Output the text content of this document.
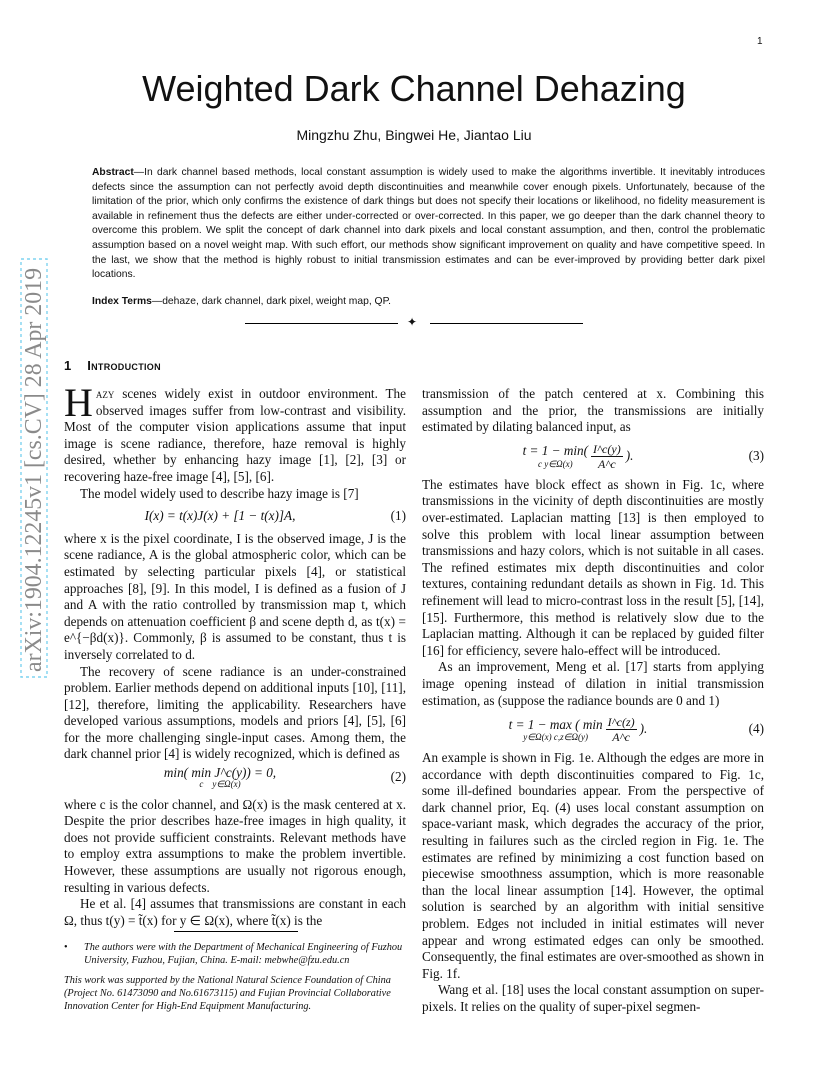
1
arXiv:1904.12245v1 [cs.CV] 28 Apr 2019
Weighted Dark Channel Dehazing
Mingzhu Zhu, Bingwei He, Jiantao Liu
Abstract—In dark channel based methods, local constant assumption is widely used to make the algorithms invertible. It inevitably introduces defects since the assumption can not perfectly avoid depth discontinuities and meanwhile cover enough pixels. Unfortunately, because of the limitation of the prior, which only confirms the existence of dark things but does not specify their locations or likelihood, no fidelity measurement is available in refinement thus the defects are either under-corrected or over-corrected. In this paper, we go deeper than the dark channel theory to overcome this problem. We split the concept of dark channel into dark pixels and local constant assumption, and then, control the problematic assumption based on a novel weight map. With such effort, our methods show significant improvement on quality and have competitive speed. In the last, we show that the method is highly robust to initial transmission estimates and can be ever-improved by providing better dark pixel locations.
Index Terms—dehaze, dark channel, dark pixel, weight map, QP.
✦
1 Introduction
Hazy scenes widely exist in outdoor environment. The observed images suffer from low-contrast and visibility. Most of the computer vision applications assume that input image is scene radiance, therefore, haze removal is highly desired, whether by enhancing hazy image [1], [2], [3] or recovering haze-free image [4], [5], [6].
The model widely used to describe hazy image is [7]
I(x) = t(x)J(x) + [1 − t(x)]A,	(1)
where x is the pixel coordinate, I is the observed image, J is the scene radiance, A is the global atmospheric color, which can be estimated by selecting particular pixels [4], or statistical approaches [8], [9]. In this model, I is defined as a fusion of J and A with the ratio controlled by transmission map t, which depends on attenuation coefficient β and scene depth d, as t(x) = e^{−βd(x)}. Commonly, β is assumed to be constant, thus t is inversely correlated to d.
The recovery of scene radiance is an under-constrained problem. Earlier methods depend on additional inputs [10], [11], [12], therefore, limiting the applicability. Researchers have developed various assumptions, models and priors [4], [5], [6] for the more challenging single-input cases. Among them, the dark channel prior [4] is widely recognized, which is defined as
min( min J^c(y)) = 0,
c y∈Ω(x)
(2)
where c is the color channel, and Ω(x) is the mask centered at x. Despite the prior describes haze-free images in high quality, it does not provide sufficient constraints. Relevant methods have to employ extra assumptions to make the problem invertible. However, these assumptions are usually not rigorous enough, resulting in various defects.
He et al. [4] assumes that transmissions are constant in each Ω, thus t(y) = t̃(x) for y ∈ Ω(x), where t̃(x) is the
• The authors were with the Department of Mechanical Engineering of Fuzhou University, Fuzhou, Fujian, China. E-mail: mebwhe@fzu.edu.cn
This work was supported by the National Natural Science Foundation of China (Project No. 61473090 and No.61673115) and Fujian Provincial Collaborative Innovation Center for High-End Equipment Manufacturing.
transmission of the patch centered at x. Combining this assumption and the prior, the transmissions are initially estimated by dilating balanced input, as
t = 1 − min(
c y∈Ω(x) $\frac{I\^{}c(y)}{A\^{}c}$ ).	(3)
The estimates have block effect as shown in Fig. 1c, where transmissions in the vicinity of depth discontinuities are mostly over-estimated. Laplacian matting [13] is then employed to solve this problem with local linear assumption between transmissions and hazy colors, which is not suitable in all cases. The refined estimates mix depth discontinuities and color textures, containing redundant details as shown in Fig. 1d. This refinement will lead to micro-contrast loss in the result [5], [14], [15]. Furthermore, this method is relatively slow due to the Laplacian matting. Although it can be replaced by guided filter [16] for efficiency, severe halo-effect will be introduced.
As an improvement, Meng et al. [17] starts from applying image opening instead of dilation in initial transmission estimation, as (suppose the radiance bounds are 0 and 1)
t = 1 − max ( min
y∈Ω(x) c,z∈Ω(y) $\frac{I\^{}c(z)}{A\^{}c}$ ).	(4)
An example is shown in Fig. 1e. Although the edges are more in accordance with depth discontinuities compared to Fig. 1c, some ill-defined boundaries appear. From the perspective of dark channel prior, Eq. (4) uses local constant assumption on space-variant mask, which degrades the accuracy of the prior, resulting in failures such as the circled region in Fig. 1e. The estimates are refined by minimizing a cost function based on piecewise smoothness assumption, which is more reasonable than the local linear assumption [14]. However, the optimal solution is searched by an algorithm with initial sensitive problem. Edges not included in initial estimates will never appear and wrong estimated edges can only be smoothed. Consequently, the final estimates are over-smoothed as shown in Fig. 1f.
Wang et al. [18] uses the local constant assumption on super-pixels. It relies on the quality of super-pixel segmen-
